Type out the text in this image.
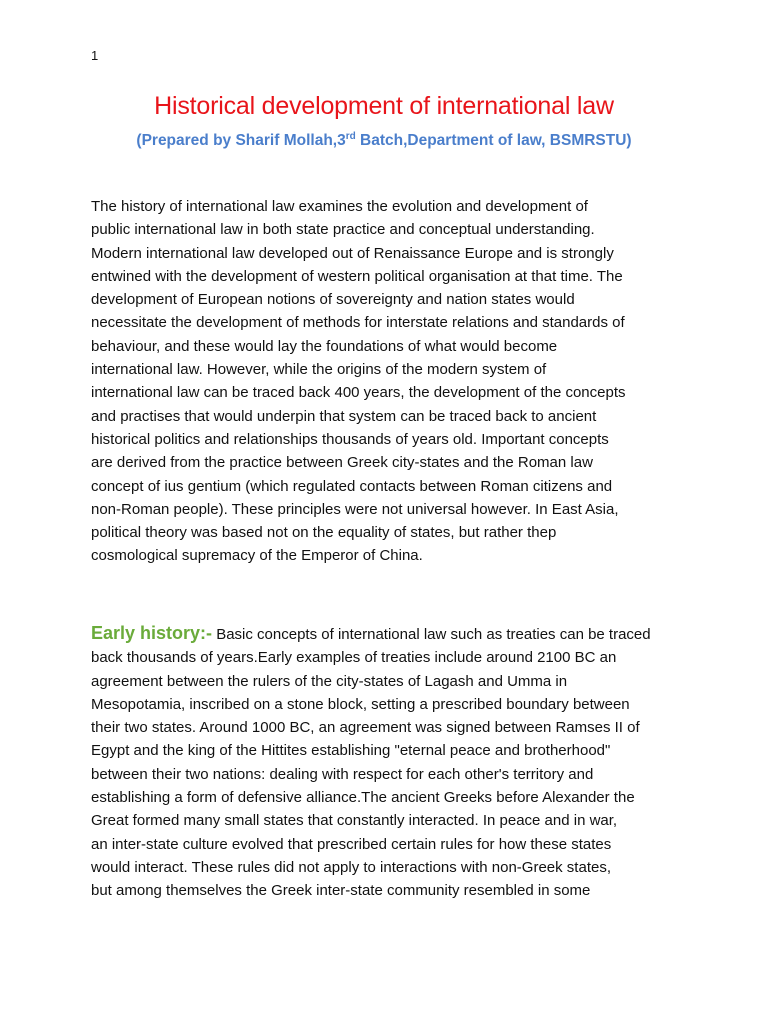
1
Historical development of international law
(Prepared by Sharif Mollah,3rd Batch,Department of law, BSMRSTU)
The history of international law examines the evolution and development of
public international law in both state practice and conceptual understanding.
Modern international law developed out of Renaissance Europe and is strongly
entwined with the development of western political organisation at that time. The
development of European notions of sovereignty and nation states would
necessitate the development of methods for interstate relations and standards of
behaviour, and these would lay the foundations of what would become
international law. However, while the origins of the modern system of
international law can be traced back 400 years, the development of the concepts
and practises that would underpin that system can be traced back to ancient
historical politics and relationships thousands of years old. Important concepts
are derived from the practice between Greek city-states and the Roman law
concept of ius gentium (which regulated contacts between Roman citizens and
non-Roman people). These principles were not universal however. In East Asia,
political theory was based not on the equality of states, but rather thep
cosmological supremacy of the Emperor of China.
Early history:- Basic concepts of international law such as treaties can be traced
back thousands of years.Early examples of treaties include around 2100 BC an
agreement between the rulers of the city-states of Lagash and Umma in
Mesopotamia, inscribed on a stone block, setting a prescribed boundary between
their two states. Around 1000 BC, an agreement was signed between Ramses II of
Egypt and the king of the Hittites establishing "eternal peace and brotherhood"
between their two nations: dealing with respect for each other's territory and
establishing a form of defensive alliance.The ancient Greeks before Alexander the
Great formed many small states that constantly interacted. In peace and in war,
an inter-state culture evolved that prescribed certain rules for how these states
would interact. These rules did not apply to interactions with non-Greek states,
but among themselves the Greek inter-state community resembled in some
